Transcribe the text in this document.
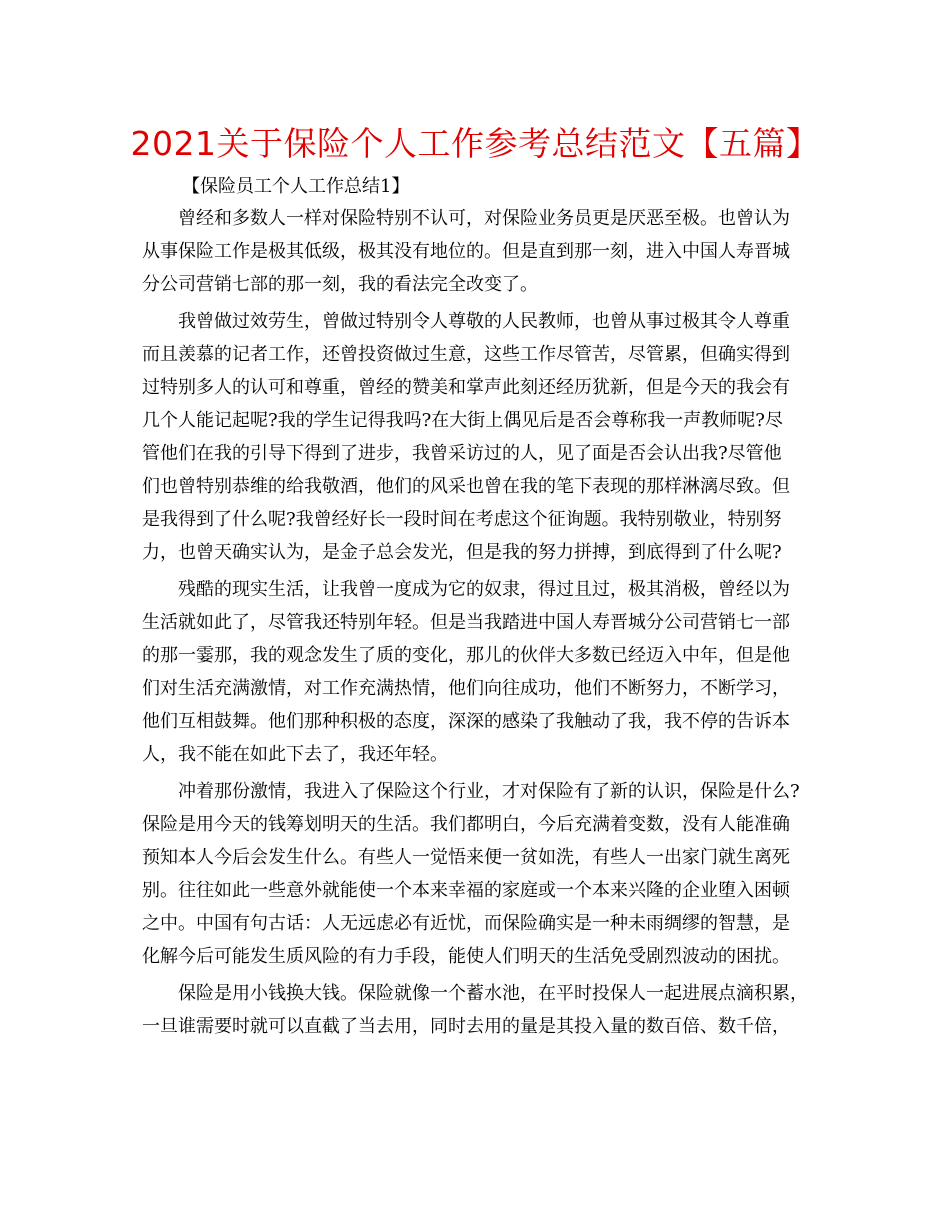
2021关于保险个人工作参考总结范文【五篇】
【保险员工个人工作总结1】
曾经和多数人一样对保险特别不认可，对保险业务员更是厌恶至极。也曾认为
从事保险工作是极其低级，极其没有地位的。但是直到那一刻，进入中国人寿晋城
分公司营销七部的那一刻，我的看法完全改变了。
我曾做过效劳生，曾做过特别令人尊敬的人民教师，也曾从事过极其令人尊重
而且羡慕的记者工作，还曾投资做过生意，这些工作尽管苦，尽管累，但确实得到
过特别多人的认可和尊重，曾经的赞美和掌声此刻还经历犹新，但是今天的我会有
几个人能记起呢?我的学生记得我吗?在大街上偶见后是否会尊称我一声教师呢?尽
管他们在我的引导下得到了进步，我曾采访过的人，见了面是否会认出我?尽管他
们也曾特别恭维的给我敬酒，他们的风采也曾在我的笔下表现的那样淋漓尽致。但
是我得到了什么呢?我曾经好长一段时间在考虑这个征询题。我特别敬业，特别努
力，也曾天确实认为，是金子总会发光，但是我的努力拼搏，到底得到了什么呢?
残酷的现实生活，让我曾一度成为它的奴隶，得过且过，极其消极，曾经以为
生活就如此了，尽管我还特别年轻。但是当我踏进中国人寿晋城分公司营销七一部
的那一霎那，我的观念发生了质的变化，那儿的伙伴大多数已经迈入中年，但是他
们对生活充满激情，对工作充满热情，他们向往成功，他们不断努力，不断学习，
他们互相鼓舞。他们那种积极的态度，深深的感染了我触动了我，我不停的告诉本
人，我不能在如此下去了，我还年轻。
冲着那份激情，我进入了保险这个行业，才对保险有了新的认识，保险是什么?
保险是用今天的钱筹划明天的生活。我们都明白，今后充满着变数，没有人能准确
预知本人今后会发生什么。有些人一觉悟来便一贫如洗，有些人一出家门就生离死
别。往往如此一些意外就能使一个本来幸福的家庭或一个本来兴隆的企业堕入困顿
之中。中国有句古话：人无远虑必有近忧，而保险确实是一种未雨绸缪的智慧，是
化解今后可能发生质风险的有力手段，能使人们明天的生活免受剧烈波动的困扰。
保险是用小钱换大钱。保险就像一个蓄水池，在平时投保人一起进展点滴积累，
一旦谁需要时就可以直截了当去用，同时去用的量是其投入量的数百倍、数千倍，
